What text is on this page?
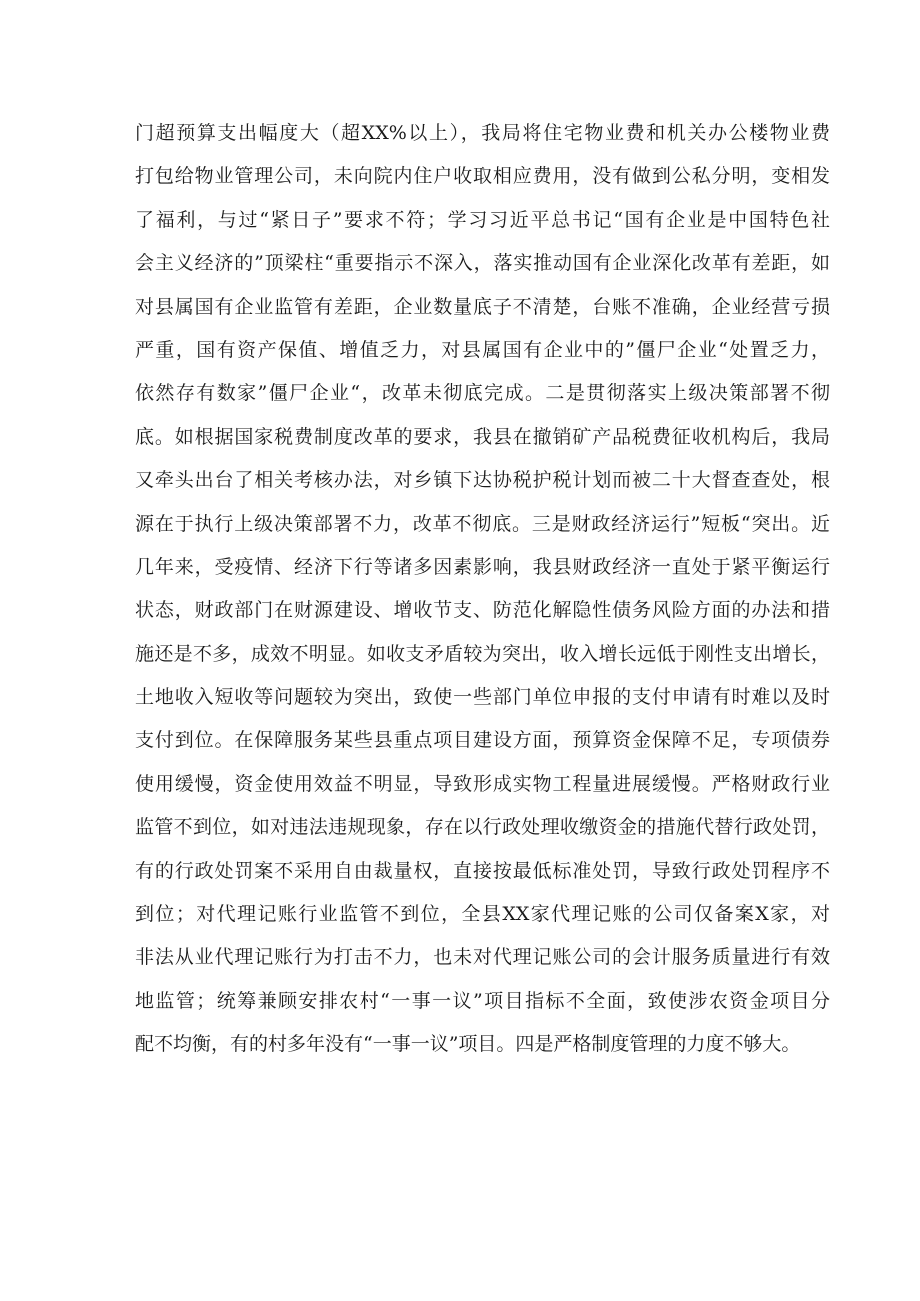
门超预算支出幅度大（超XX%以上），我局将住宅物业费和机关办公楼物业费
打包给物业管理公司，未向院内住户收取相应费用，没有做到公私分明，变相发
了福利，与过“紧日子”要求不符；学习习近平总书记“国有企业是中国特色社
会主义经济的”顶梁柱“重要指示不深入，落实推动国有企业深化改革有差距，如
对县属国有企业监管有差距，企业数量底子不清楚，台账不准确，企业经营亏损
严重，国有资产保值、增值乏力，对县属国有企业中的”僵尸企业“处置乏力，
依然存有数家”僵尸企业“，改革未彻底完成。二是贯彻落实上级决策部署不彻
底。如根据国家税费制度改革的要求，我县在撤销矿产品税费征收机构后，我局
又牵头出台了相关考核办法，对乡镇下达协税护税计划而被二十大督查查处，根
源在于执行上级决策部署不力，改革不彻底。三是财政经济运行”短板“突出。近
几年来，受疫情、经济下行等诸多因素影响，我县财政经济一直处于紧平衡运行
状态，财政部门在财源建设、增收节支、防范化解隐性债务风险方面的办法和措
施还是不多，成效不明显。如收支矛盾较为突出，收入增长远低于刚性支出增长，
土地收入短收等问题较为突出，致使一些部门单位申报的支付申请有时难以及时
支付到位。在保障服务某些县重点项目建设方面，预算资金保障不足，专项债券
使用缓慢，资金使用效益不明显，导致形成实物工程量进展缓慢。严格财政行业
监管不到位，如对违法违规现象，存在以行政处理收缴资金的措施代替行政处罚，
有的行政处罚案不采用自由裁量权，直接按最低标准处罚，导致行政处罚程序不
到位；对代理记账行业监管不到位，全县XX家代理记账的公司仅备案X家，对
非法从业代理记账行为打击不力，也未对代理记账公司的会计服务质量进行有效
地监管；统筹兼顾安排农村“一事一议”项目指标不全面，致使涉农资金项目分
配不均衡，有的村多年没有“一事一议”项目。四是严格制度管理的力度不够大。
